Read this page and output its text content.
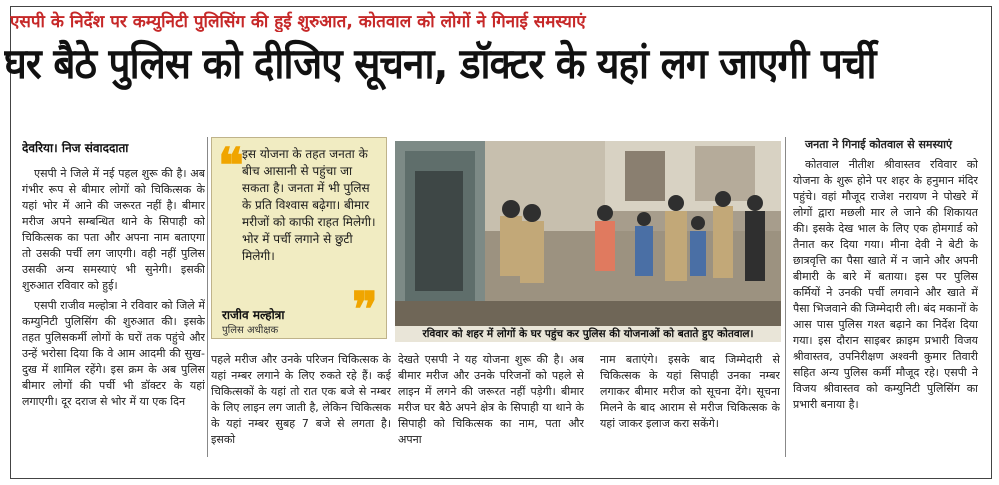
एसपी के निर्देश पर कम्युनिटी पुलिसिंग की हुई शुरुआत, कोतवाल को लोगों ने गिनाई समस्याएं
घर बैठे पुलिस को दीजिए सूचना, डॉक्टर के यहां लग जाएगी पर्ची
देवरिया। निज संवाददाता

एसपी ने जिले में नई पहल शुरू की है। अब गंभीर रूप से बीमार लोगों को चिकित्सक के यहां भोर में आने की जरूरत नहीं है। बीमार मरीज अपने सम्बन्धित थाने के सिपाही को चिकित्सक का पता और अपना नाम बताएगा तो उसकी पर्ची लग जाएगी। वही नहीं पुलिस उसकी अन्य समस्याएं भी सुनेगी। इसकी शुरुआत रविवार को हुई।

एसपी राजीव मल्होत्रा ने रविवार को जिले में कम्युनिटी पुलिसिंग की शुरुआत की। इसके तहत पुलिसकर्मी लोगों के घरों तक पहुंचे और उन्हें भरोसा दिया कि वे आम आदमी की सुख-दुख में शामिल रहेंगे। इस क्रम के अब पुलिस बीमार लोगों की पर्ची भी डॉक्टर के यहां लगाएगी। दूर दराज से भोर में या एक दिन

❝
इस योजना के तहत जनता के बीच आसानी से पहुंचा जा सकता है। जनता में भी पुलिस के प्रति विश्वास बढ़ेगा। बीमार मरीजों को काफी राहत मिलेगी। भोर में पर्ची लगाने से छुटी मिलेगी।
राजीव मल्होत्रा
पुलिस अधीक्षक ❞	रविवार को शहर में लोगों के घर पहुंच कर पुलिस की योजनाओं को बताते हुए कोतवाल।

पहले मरीज और उनके परिजन चिकित्सक के यहां नम्बर लगाने के लिए रुकते रहे हैं। कई चिकित्सकों के यहां तो रात एक बजे से नम्बर के लिए लाइन लग जाती है, लेकिन चिकित्सक के यहां नम्बर सुबह 7 बजे से लगता है। इसको

देखते एसपी ने यह योजना शुरू की है। अब बीमार मरीज और उनके परिजनों को पहले से लाइन में लगने की जरूरत नहीं पड़ेगी। बीमार मरीज घर बैठे अपने क्षेत्र के सिपाही या थाने के सिपाही को चिकित्सक का नाम, पता और अपना

नाम बताएंगे। इसके बाद जिम्मेदारी से चिकित्सक के यहां सिपाही उनका नम्बर लगाकर बीमार मरीज को सूचना देंगे। सूचना मिलने के बाद आराम से मरीज चिकित्सक के यहां जाकर इलाज करा सकेंगे।

जनता ने गिनाई कोतवाल से समस्याएं

कोतवाल नीतीश श्रीवास्तव रविवार को योजना के शुरू होने पर शहर के हनुमान मंदिर पहुंचे। वहां मौजूद राजेश नरायण ने पोखरे में लोगों द्वारा मछली मार ले जाने की शिकायत की। इसके देख भाल के लिए एक होमगार्ड को तैनात कर दिया गया। मीना देवी ने बेटी के छात्रवृत्ति का पैसा खाते में न जाने और अपनी बीमारी के बारे में बताया। इस पर पुलिस कर्मियों ने उनकी पर्ची लगवाने और खाते में पैसा भिजवाने की जिम्मेदारी ली। बंद मकानों के आस पास पुलिस गश्त बढ़ाने का निर्देश दिया गया। इस दौरान साइबर क्राइम प्रभारी विजय श्रीवास्तव, उपनिरीक्षण अश्वनी कुमार तिवारी सहित अन्य पुलिस कर्मी मौजूद रहे। एसपी ने विजय श्रीवास्तव को कम्युनिटी पुलिसिंग का प्रभारी बनाया है।
